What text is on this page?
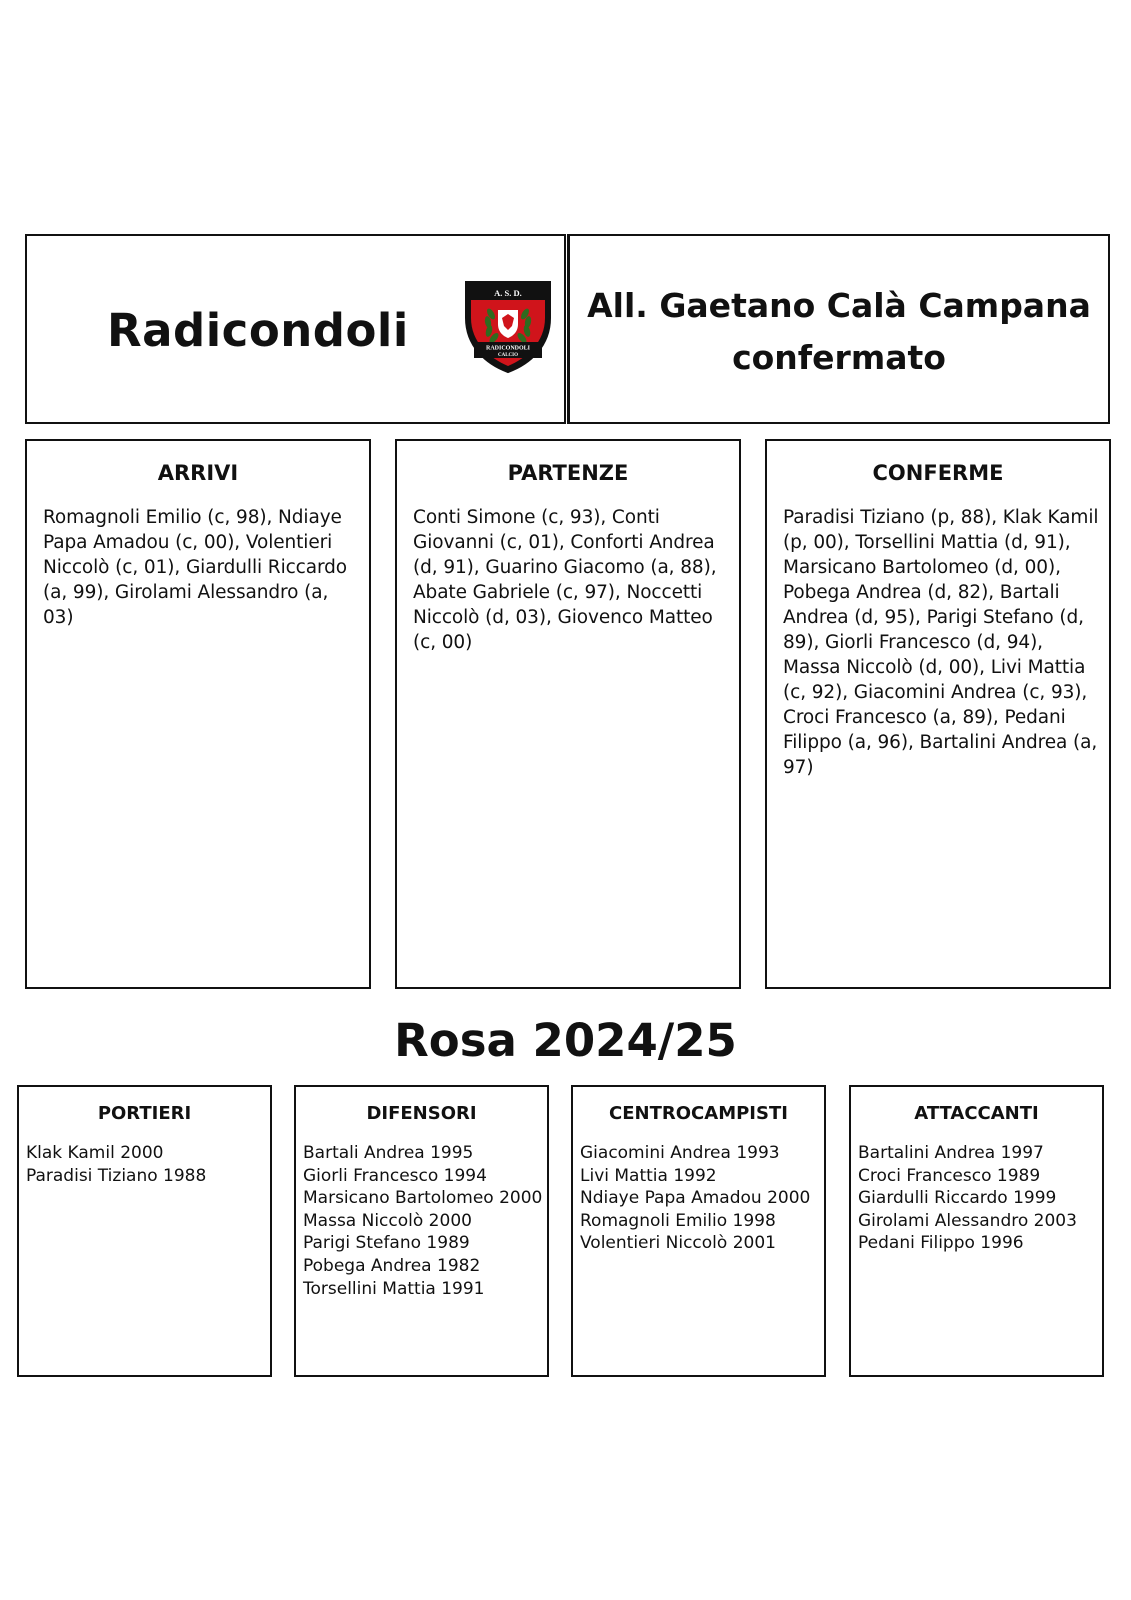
Radicondoli
A. S. D.
RADICONDOLI
CALCIO
All. Gaetano Calà Campana
confermato
ARRIVI
Romagnoli Emilio (c, 98), Ndiaye Papa Amadou (c, 00), Volentieri Niccolò (c, 01), Giardulli Riccardo (a, 99), Girolami Alessandro (a, 03)
PARTENZE
Conti Simone (c, 93), Conti Giovanni (c, 01), Conforti Andrea (d, 91), Guarino Giacomo (a, 88), Abate Gabriele (c, 97), Noccetti Niccolò (d, 03), Giovenco Matteo (c, 00)
CONFERME
Paradisi Tiziano (p, 88), Klak Kamil (p, 00), Torsellini Mattia (d, 91), Marsicano Bartolomeo (d, 00), Pobega Andrea (d, 82), Bartali Andrea (d, 95), Parigi Stefano (d, 89), Giorli Francesco (d, 94), Massa Niccolò (d, 00), Livi Mattia (c, 92), Giacomini Andrea (c, 93), Croci Francesco (a, 89), Pedani Filippo (a, 96), Bartalini Andrea (a, 97)
Rosa 2024/25
PORTIERI
Klak Kamil 2000
Paradisi Tiziano 1988
DIFENSORI
Bartali Andrea 1995
Giorli Francesco 1994
Marsicano Bartolomeo 2000
Massa Niccolò 2000
Parigi Stefano 1989
Pobega Andrea 1982
Torsellini Mattia 1991
CENTROCAMPISTI
Giacomini Andrea 1993
Livi Mattia 1992
Ndiaye Papa Amadou 2000
Romagnoli Emilio 1998
Volentieri Niccolò 2001
ATTACCANTI
Bartalini Andrea 1997
Croci Francesco 1989
Giardulli Riccardo 1999
Girolami Alessandro 2003
Pedani Filippo 1996
